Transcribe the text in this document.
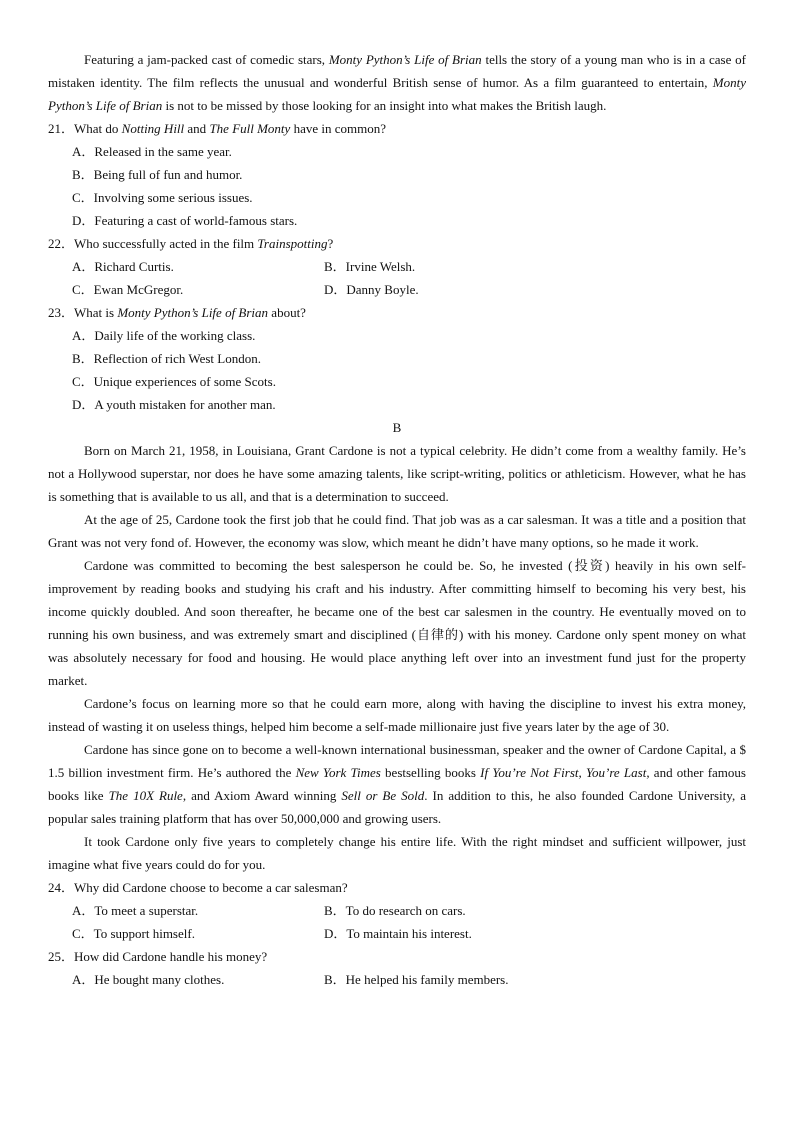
Featuring a jam-packed cast of comedic stars, Monty Python’s Life of Brian tells the story of a young man who is in a case of mistaken identity. The film reflects the unusual and wonderful British sense of humor. As a film guaranteed to entertain, Monty Python’s Life of Brian is not to be missed by those looking for an insight into what makes the British laugh.

21．What do Notting Hill and The Full Monty have in common?

A．Released in the same year.

B．Being full of fun and humor.

C．Involving some serious issues.

D．Featuring a cast of world-famous stars.

22．Who successfully acted in the film Trainspotting?

A．Richard Curtis.	B．Irvine Welsh.

C．Ewan McGregor.	D．Danny Boyle.

23．What is Monty Python’s Life of Brian about?

A．Daily life of the working class.

B．Reflection of rich West London.

C．Unique experiences of some Scots.

D．A youth mistaken for another man.

B

Born on March 21, 1958, in Louisiana, Grant Cardone is not a typical celebrity. He didn’t come from a wealthy family. He’s not a Hollywood superstar, nor does he have some amazing talents, like script-writing, politics or athleticism. However, what he has is something that is available to us all, and that is a determination to succeed.

At the age of 25, Cardone took the first job that he could find. That job was as a car salesman. It was a title and a position that Grant was not very fond of. However, the economy was slow, which meant he didn’t have many options, so he made it work.

Cardone was committed to becoming the best salesperson he could be. So, he invested (投资) heavily in his own self-improvement by reading books and studying his craft and his industry. After committing himself to becoming his very best, his income quickly doubled. And soon thereafter, he became one of the best car salesmen in the country. He eventually moved on to running his own business, and was extremely smart and disciplined (自律的) with his money. Cardone only spent money on what was absolutely necessary for food and housing. He would place anything left over into an investment fund just for the property market.

Cardone’s focus on learning more so that he could earn more, along with having the discipline to invest his extra money, instead of wasting it on useless things, helped him become a self-made millionaire just five years later by the age of 30.

Cardone has since gone on to become a well-known international businessman, speaker and the owner of Cardone Capital, a $ 1.5 billion investment firm. He’s authored the New York Times bestselling books If You’re Not First, You’re Last, and other famous books like The 10X Rule, and Axiom Award winning Sell or Be Sold. In addition to this, he also founded Cardone University, a popular sales training platform that has over 50,000,000 and growing users.

It took Cardone only five years to completely change his entire life. With the right mindset and sufficient willpower, just imagine what five years could do for you.

24．Why did Cardone choose to become a car salesman?

A．To meet a superstar.	B．To do research on cars.

C．To support himself.	D．To maintain his interest.

25．How did Cardone handle his money?

A．He bought many clothes.	B．He helped his family members.
